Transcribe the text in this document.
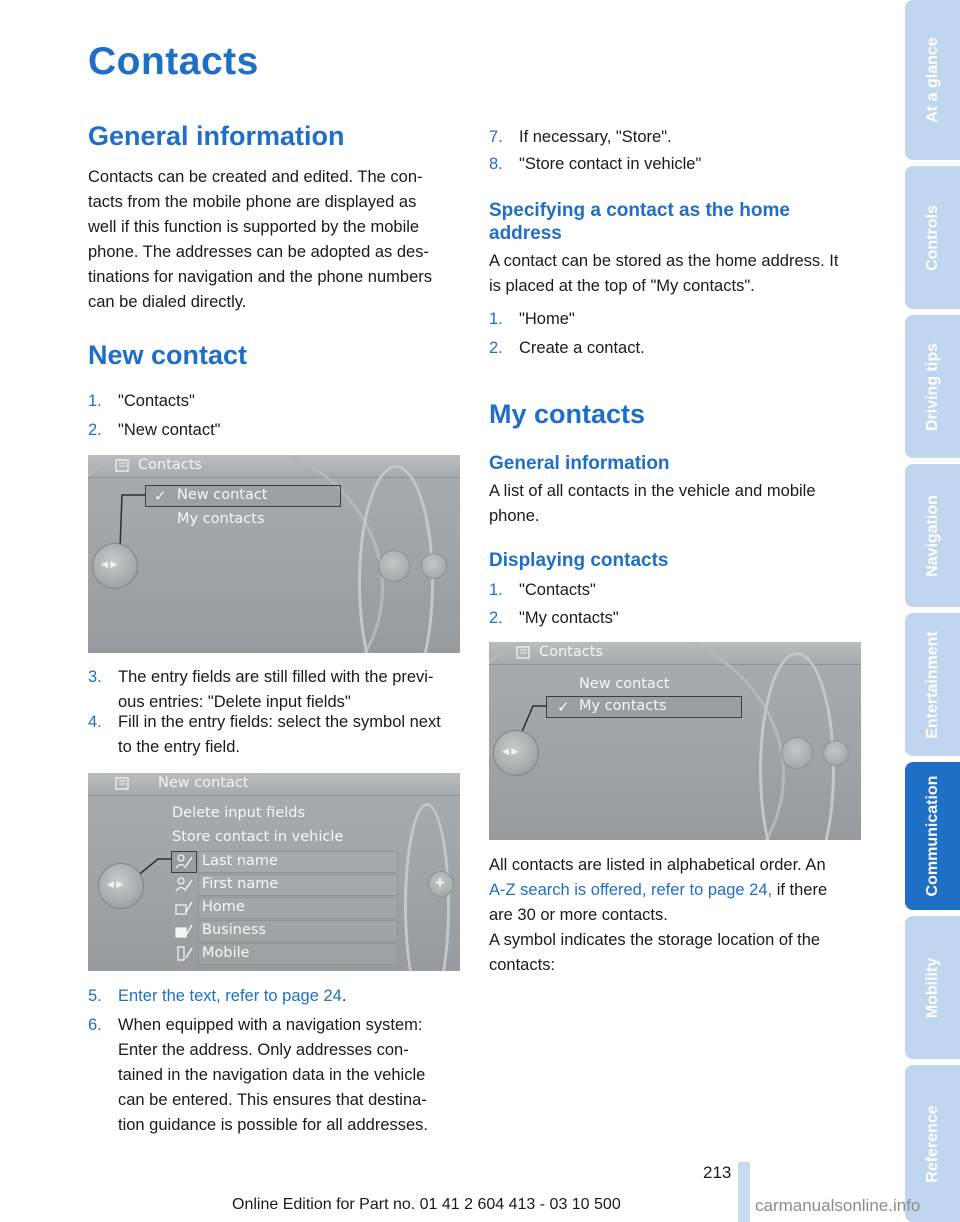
Contacts
General information
Contacts can be created and edited. The con-
tacts from the mobile phone are displayed as
well if this function is supported by the mobile
phone. The addresses can be adopted as des-
tinations for navigation and the phone numbers
can be dialed directly.
New contact
1. "Contacts"
2. "New contact"
Contacts
✓ New contact
My contacts
◀ ▶
3. The entry fields are still filled with the previ-
ous entries: "Delete input fields"
4. Fill in the entry fields: select the symbol next
to the entry field.
New contact
Delete input fields
Store contact in vehicle
Last name
First name
Home
Business
Mobile
◀ ▶	+
5. Enter the text, refer to page 24.
6. When equipped with a navigation system:
Enter the address. Only addresses con-
tained in the navigation data in the vehicle
can be entered. This ensures that destina-
tion guidance is possible for all addresses.
7. If necessary, "Store".
8. "Store contact in vehicle"
Specifying a contact as the home
address
A contact can be stored as the home address. It
is placed at the top of "My contacts".
1. "Home"
2. Create a contact.
My contacts
General information
A list of all contacts in the vehicle and mobile
phone.
Displaying contacts
1. "Contacts"
2. "My contacts"
Contacts
New contact
✓ My contacts
◀ ▶
All contacts are listed in alphabetical order. An
A-Z search is offered, refer to page 24, if there
are 30 or more contacts.
A symbol indicates the storage location of the
contacts:
At a glance
Controls
Driving tips
Navigation
Entertainment
Communication
Mobility
Reference
213
Online Edition for Part no. 01 41 2 604 413 - 03 10 500	carmanualsonline.info
